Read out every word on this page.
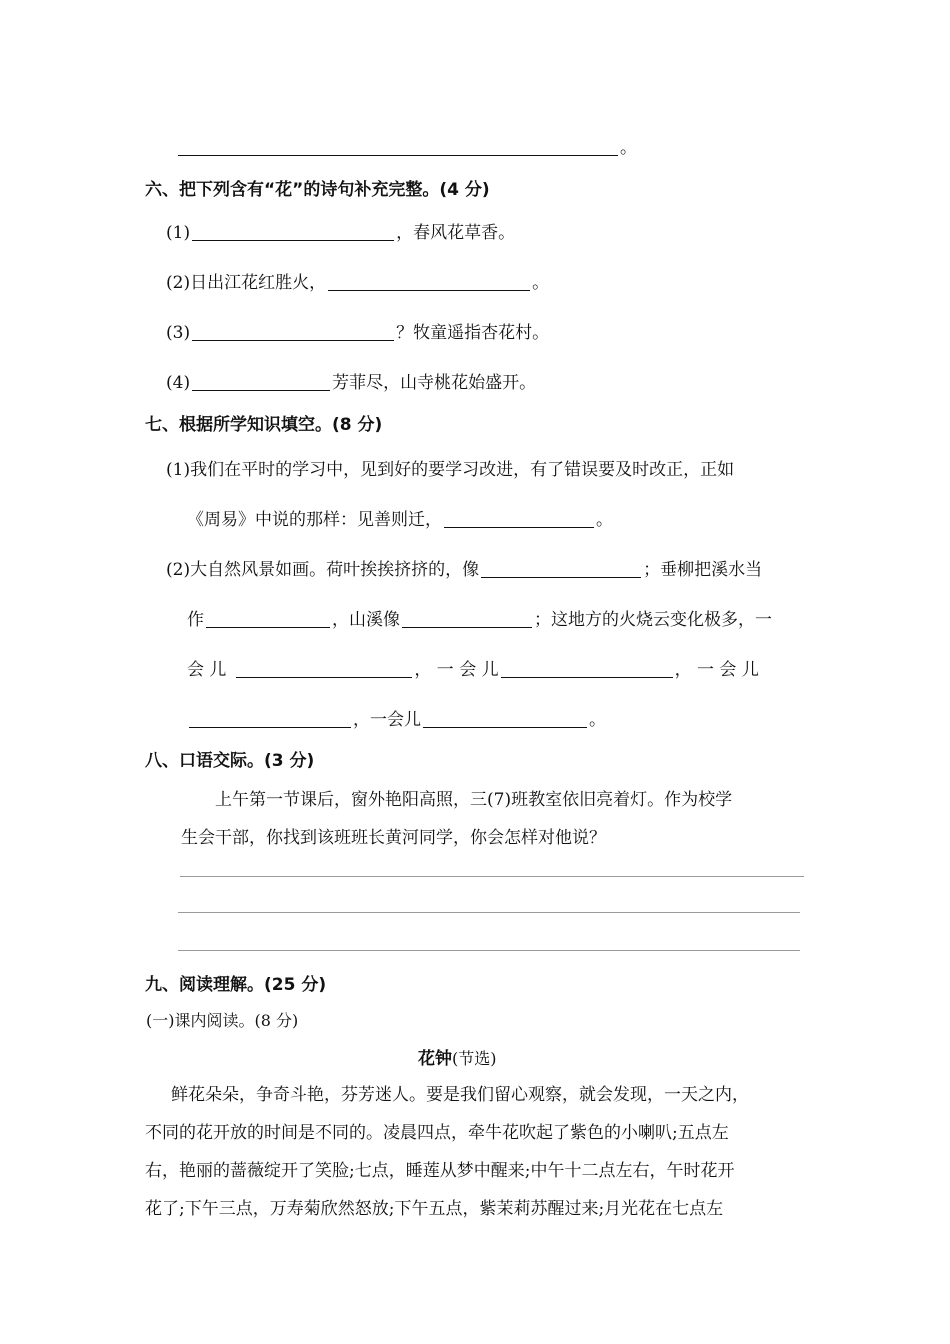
。
六、把下列含有“花”的诗句补充完整。(4 分)
(1)	，春风花草香。
(2)日出江花红胜火，	。
(3)	？牧童遥指杏花村。
(4)	芳菲尽，山寺桃花始盛开。
七、根据所学知识填空。(8 分)
(1)我们在平时的学习中，见到好的要学习改进，有了错误要及时改正，正如
《周易》中说的那样：见善则迁，	。
(2)大自然风景如画。荷叶挨挨挤挤的，像	；垂柳把溪水当
作	，山溪像	；这地方的火烧云变化极多，一
会 儿	， 一 会 儿	， 一 会 儿
，一会儿	。
八、口语交际。(3 分)
上午第一节课后，窗外艳阳高照，三(7)班教室依旧亮着灯。作为校学
生会干部，你找到该班班长黄河同学，你会怎样对他说？
九、阅读理解。(25 分)
(一)课内阅读。(8 分)
花钟(节选)
鲜花朵朵，争奇斗艳，芬芳迷人。要是我们留心观察，就会发现，一天之内，
不同的花开放的时间是不同的。凌晨四点，牵牛花吹起了紫色的小喇叭;五点左
右，艳丽的蔷薇绽开了笑脸;七点，睡莲从梦中醒来;中午十二点左右，午时花开
花了;下午三点，万寿菊欣然怒放;下午五点，紫茉莉苏醒过来;月光花在七点左
